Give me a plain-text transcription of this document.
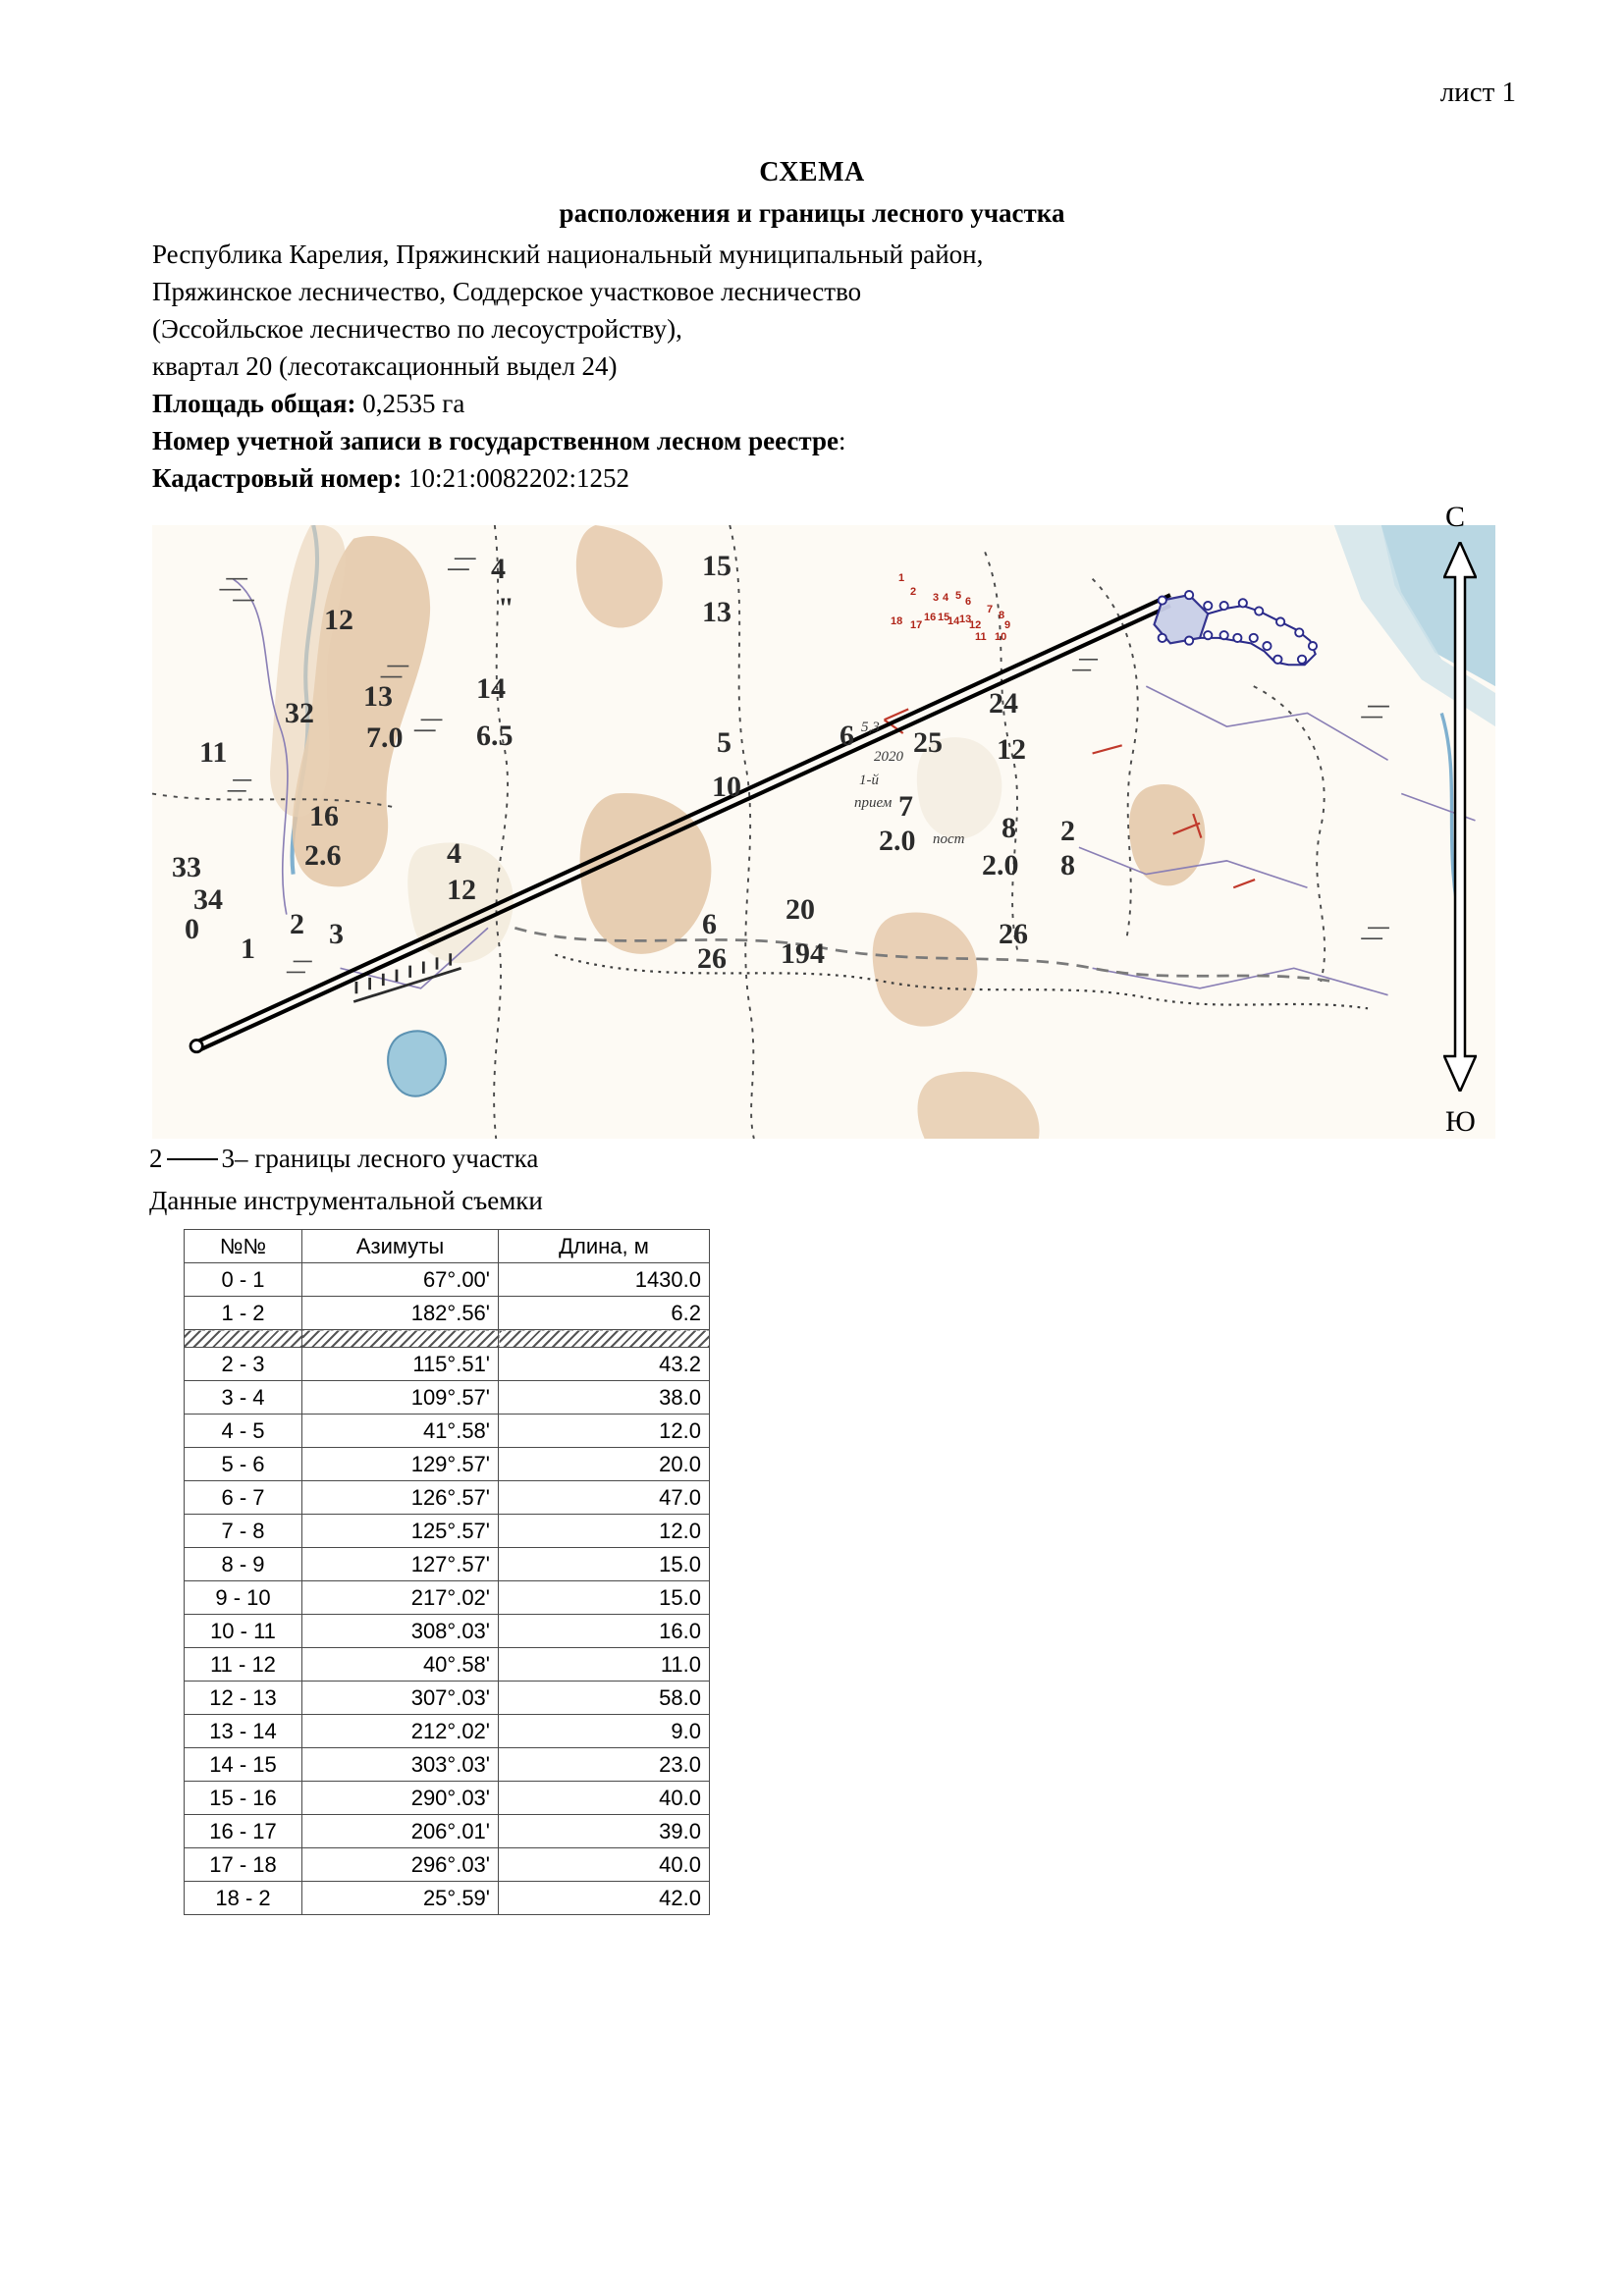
лист 1
СХЕМА
расположения и границы лесного участка
Республика Карелия, Пряжинский национальный муниципальный район,
Пряжинское лесничество, Соддерское участковое лесничество
(Эссойльское лесничество по лесоустройству),
квартал 20 (лесотаксационный выдел 24)
Площадь общая: 0,2535 га
Номер учетной записи в государственном лесном реестре:
Кадастровый номер: 10:21:0082202:1252
4
"
15
13
12
13
32
14
7.0 6.5
11	5
10
6 25
24
12
16
2.6
33
34
4
12
7
2.0	8
2.0
2 3
1
6
26
20
194
26
2
8
0
1
2 3 4 5 6
7 8
9
10
11
12
13
14
15
16
17
18
5,3
2020
1-й
прием
пост
С
Ю
2 3– границы лесного участка
Данные инструментальной съемки
№№	Азимуты	Длина, м
0 - 1	67°.00'	1430.0
1 - 2	182°.56'	6.2

2 - 3	115°.51'	43.2
3 - 4	109°.57'	38.0
4 - 5	41°.58'	12.0
5 - 6	129°.57'	20.0
6 - 7	126°.57'	47.0
7 - 8	125°.57'	12.0
8 - 9	127°.57'	15.0
9 - 10	217°.02'	15.0
10 - 11	308°.03'	16.0
11 - 12	40°.58'	11.0
12 - 13	307°.03'	58.0
13 - 14	212°.02'	9.0
14 - 15	303°.03'	23.0
15 - 16	290°.03'	40.0
16 - 17	206°.01'	39.0
17 - 18	296°.03'	40.0
18 - 2	25°.59'	42.0
